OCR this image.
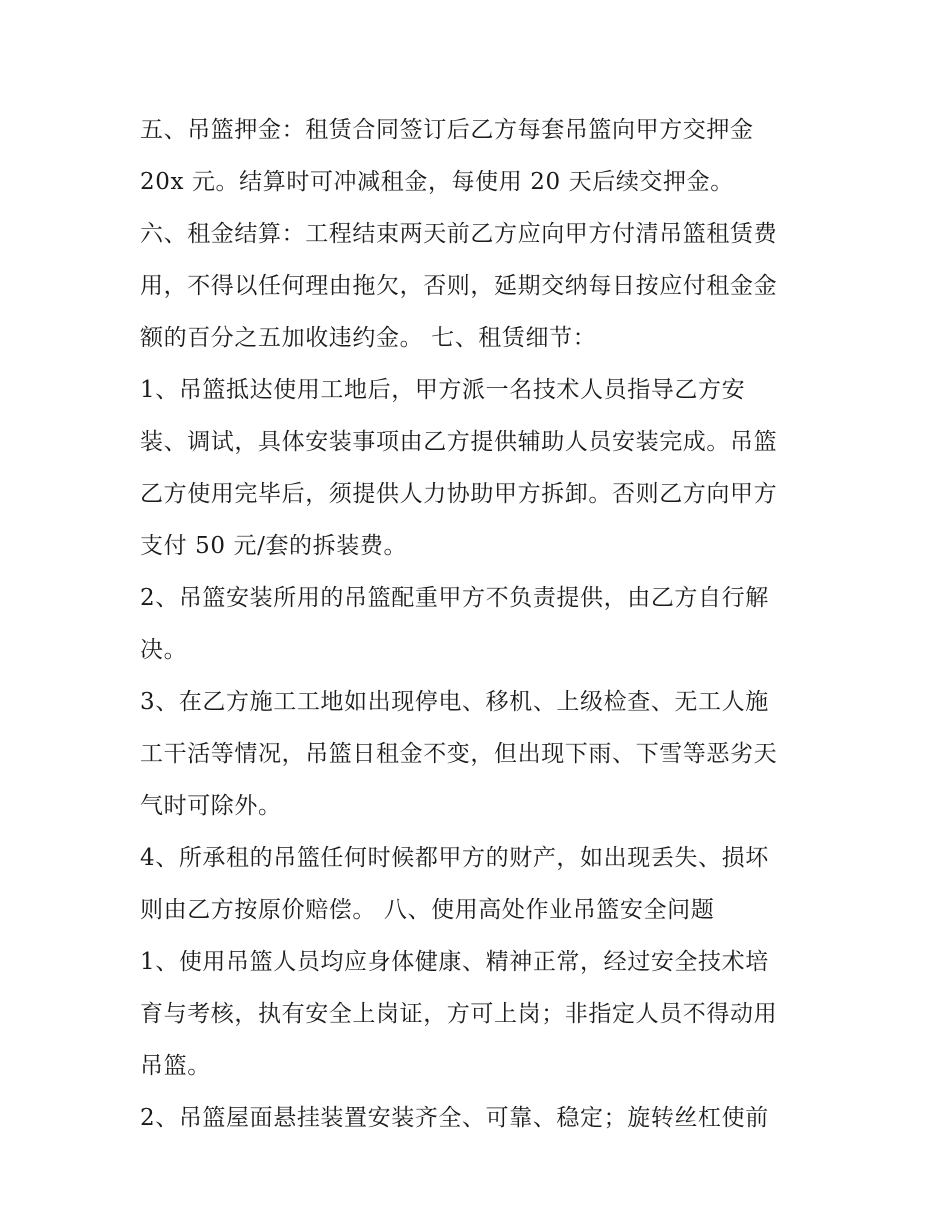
五、吊篮押金：租赁合同签订后乙方每套吊篮向甲方交押金
20x 元。结算时可冲减租金，每使用 20 天后续交押金。
六、租金结算：工程结束两天前乙方应向甲方付清吊篮租赁费
用，不得以任何理由拖欠，否则，延期交纳每日按应付租金金
额的百分之五加收违约金。 七、租赁细节：
1、吊篮抵达使用工地后，甲方派一名技术人员指导乙方安
装、调试，具体安装事项由乙方提供辅助人员安装完成。吊篮
乙方使用完毕后，须提供人力协助甲方拆卸。否则乙方向甲方
支付 50 元/套的拆装费。
2、吊篮安装所用的吊篮配重甲方不负责提供，由乙方自行解
决。
3、在乙方施工工地如出现停电、移机、上级检查、无工人施
工干活等情况，吊篮日租金不变，但出现下雨、下雪等恶劣天
气时可除外。
4、所承租的吊篮任何时候都甲方的财产，如出现丢失、损坏
则由乙方按原价赔偿。 八、使用高处作业吊篮安全问题
1、使用吊篮人员均应身体健康、精神正常，经过安全技术培
育与考核，执有安全上岗证，方可上岗；非指定人员不得动用
吊篮。
2、吊篮屋面悬挂装置安装齐全、可靠、稳定；旋转丝杠使前
